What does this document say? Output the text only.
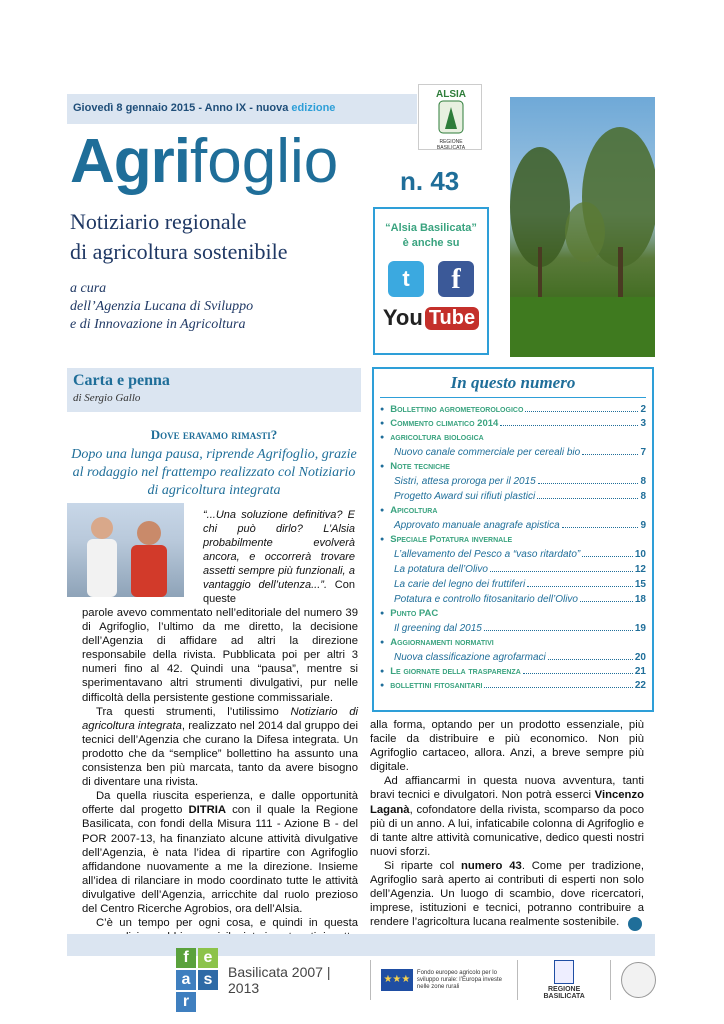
Giovedì 8 gennaio 2015 - Anno IX - nuova edizione
ALSIA
REGIONE
BASILICATA
Agrifoglio n. 43
Notiziario regionale
di agricoltura sostenibile
a cura
dell’Agenzia Lucana di Sviluppo
e di Innovazione in Agricoltura
“Alsia Basilicata”
è anche su
t	f
You Tube
Carta e penna
di Sergio Gallo
Dove eravamo rimasti?
Dopo una lunga pausa, riprende Agrifoglio, grazie al rodaggio nel frattempo realizzato col Notiziario di agricoltura integrata
“...Una soluzione definitiva? E chi può dirlo? L’Alsia probabilmente evolverà ancora, e occorrerà trovare assetti sempre più funzionali, a vantaggio dell’utenza...”. Con queste

parole avevo commentato nell’editoriale del numero 39 di Agrifoglio, l’ultimo da me diretto, la decisione dell’Agenzia di affidare ad altri la direzione responsabile della rivista. Pubblicata poi per altri 3 numeri fino al 42. Quindi una “pausa”, mentre si sperimentavano altri strumenti divulgativi, pur nelle difficoltà della persistente gestione commissariale.

Tra questi strumenti, l’utilissimo Notiziario di agricoltura integrata, realizzato nel 2014 dal gruppo dei tecnici dell’Agenzia che curano la Difesa integrata. Un prodotto che da “semplice” bollettino ha assunto una consistenza ben più marcata, tanto da avere bisogno di diventare una rivista.

Da quella riuscita esperienza, e dalle opportunità offerte dal progetto DITRIA con il quale la Regione Basilicata, con fondi della Misura 111 - Azione B - del POR 2007-13, ha finanziato alcune attività divulgative dell’Agenzia, è nata l’idea di ripartire con Agrifoglio affidandone nuovamente a me la direzione. Insieme all’idea di rilanciare in modo coordinato tutte le attività divulgative dell’Agenzia, arricchite dal ruolo prezioso del Centro Ricerche Agrobios, ora dell’Alsia.

C’è un tempo per ogni cosa, e quindi in questa

alla forma, optando per un prodotto essenziale, più facile da distribuire e più economico. Non più Agrifoglio cartaceo, allora. Anzi, a breve sempre più digitale.

Ad affiancarmi in questa nuova avventura, tanti bravi tecnici e divulgatori. Non potrà esserci Vincenzo Laganà, cofondatore della rivista, scomparso da poco più di un anno. A lui, infaticabile colonna di Agrifoglio e di tante altre attività comunicative, dedico questi nostri nuovi sforzi.

Si riparte col numero 43. Come per tradizione, Agrifoglio sarà aperto ai contributi di esperti non solo dell’Agenzia. Un luogo di scambio, dove ricercatori, imprese, istituzioni e tecnici, potranno contribuire a rendere l’agricoltura lucana realmente sostenibile.

In questo numero
● Bollettino agrometeorologico	2
● Commento climatico 2014	3
● agricoltura biologica
Nuovo canale commerciale per cereali bio	7
● Note tecniche
Sistri, attesa proroga per il 2015	8
Progetto Award sui rifiuti plastici	8
● Apicoltura
Approvato manuale anagrafe apistica	9
● Speciale Potatura invernale
L’allevamento del Pesco a “vaso ritardato”	10
La potatura dell’Olivo	12
La carie del legno dei fruttiferi	15
Potatura e controllo fitosanitario dell’Olivo	18
● Punto PAC
Il greening dal 2015	19
● Aggiornamenti normativi
Nuova classificazione agrofarmaci	20
● Le giornate della trasparenza	21
● bollettini fitosanitari	22
f e
a s
r
Basilicata 2007 | 2013
★★★
Fondo europeo agricolo per lo sviluppo rurale: l’Europa investe nelle zone rurali	REGIONE BASILICATA
